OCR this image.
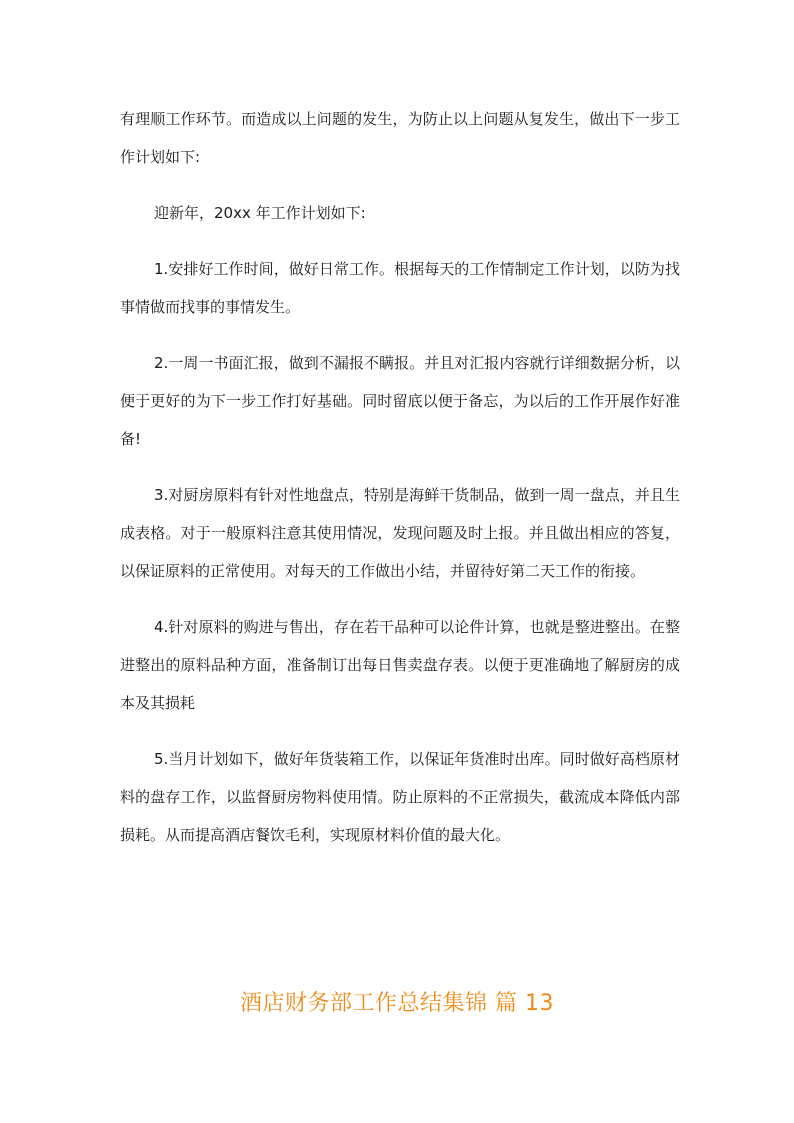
有理顺工作环节。而造成以上问题的发生，为防止以上问题从复发生，做出下一步工作计划如下:

迎新年，20xx 年工作计划如下:

1.安排好工作时间，做好日常工作。根据每天的工作情制定工作计划，以防为找事情做而找事的事情发生。

2.一周一书面汇报，做到不漏报不瞒报。并且对汇报内容就行详细数据分析，以便于更好的为下一步工作打好基础。同时留底以便于备忘，为以后的工作开展作好准备!

3.对厨房原料有针对性地盘点，特别是海鲜干货制品，做到一周一盘点，并且生成表格。对于一般原料注意其使用情况，发现问题及时上报。并且做出相应的答复，以保证原料的正常使用。对每天的工作做出小结，并留待好第二天工作的衔接。

4.针对原料的购进与售出，存在若干品种可以论件计算，也就是整进整出。在整进整出的原料品种方面，准备制订出每日售卖盘存表。以便于更准确地了解厨房的成本及其损耗

5.当月计划如下，做好年货装箱工作，以保证年货准时出库。同时做好高档原材料的盘存工作，以监督厨房物料使用情。防止原料的不正常损失，截流成本降低内部损耗。从而提高酒店餐饮毛利，实现原材料价值的最大化。

酒店财务部工作总结集锦 篇 13
